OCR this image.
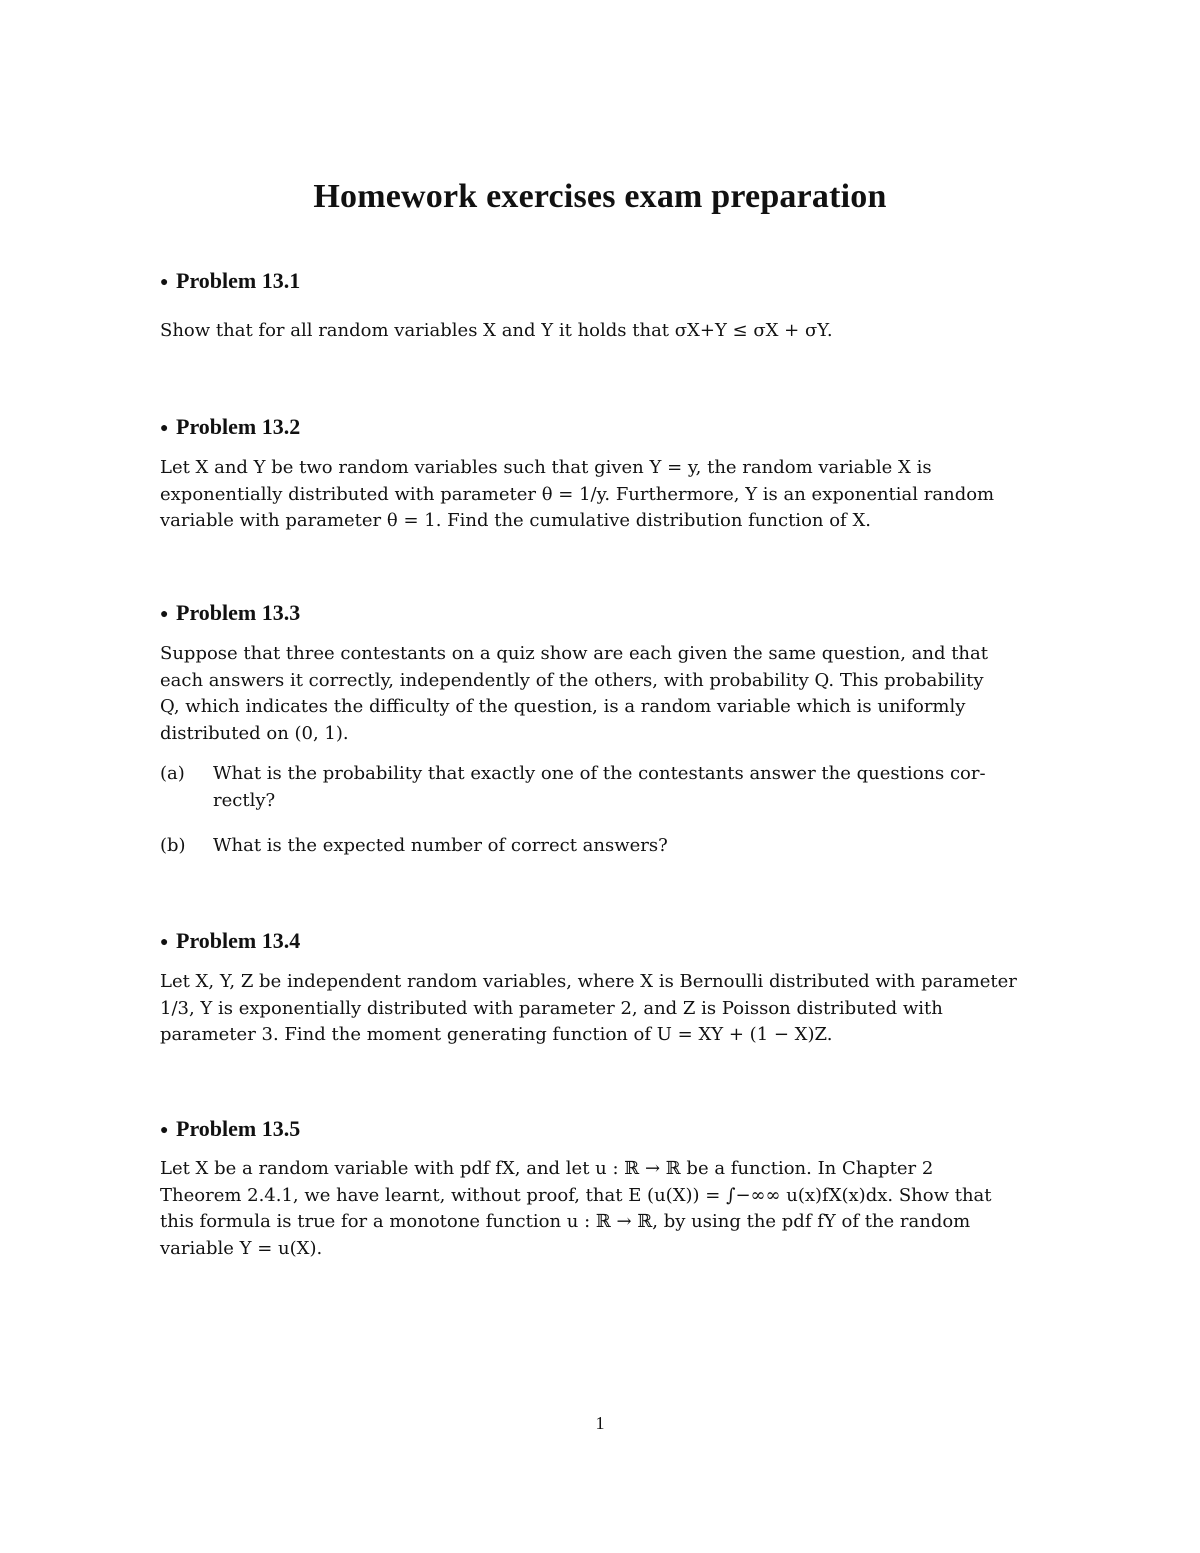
Homework exercises exam preparation
● Problem 13.1
Show that for all random variables X and Y it holds that σX+Y ≤ σX + σY.
● Problem 13.2
Let X and Y be two random variables such that given Y = y, the random variable X is
exponentially distributed with parameter θ = 1/y. Furthermore, Y is an exponential random
variable with parameter θ = 1. Find the cumulative distribution function of X.
● Problem 13.3
Suppose that three contestants on a quiz show are each given the same question, and that
each answers it correctly, independently of the others, with probability Q. This probability
Q, which indicates the difficulty of the question, is a random variable which is uniformly
distributed on (0, 1).
(a) What is the probability that exactly one of the contestants answer the questions cor-
rectly?
(b) What is the expected number of correct answers?
● Problem 13.4
Let X, Y, Z be independent random variables, where X is Bernoulli distributed with parameter
1/3, Y is exponentially distributed with parameter 2, and Z is Poisson distributed with
parameter 3. Find the moment generating function of U = XY + (1 − X)Z.
● Problem 13.5
Let X be a random variable with pdf fX, and let u : ℝ → ℝ be a function. In Chapter 2
Theorem 2.4.1, we have learnt, without proof, that E (u(X)) = ∫−∞∞ u(x)fX(x)dx. Show that
this formula is true for a monotone function u : ℝ → ℝ, by using the pdf fY of the random
variable Y = u(X).
1
